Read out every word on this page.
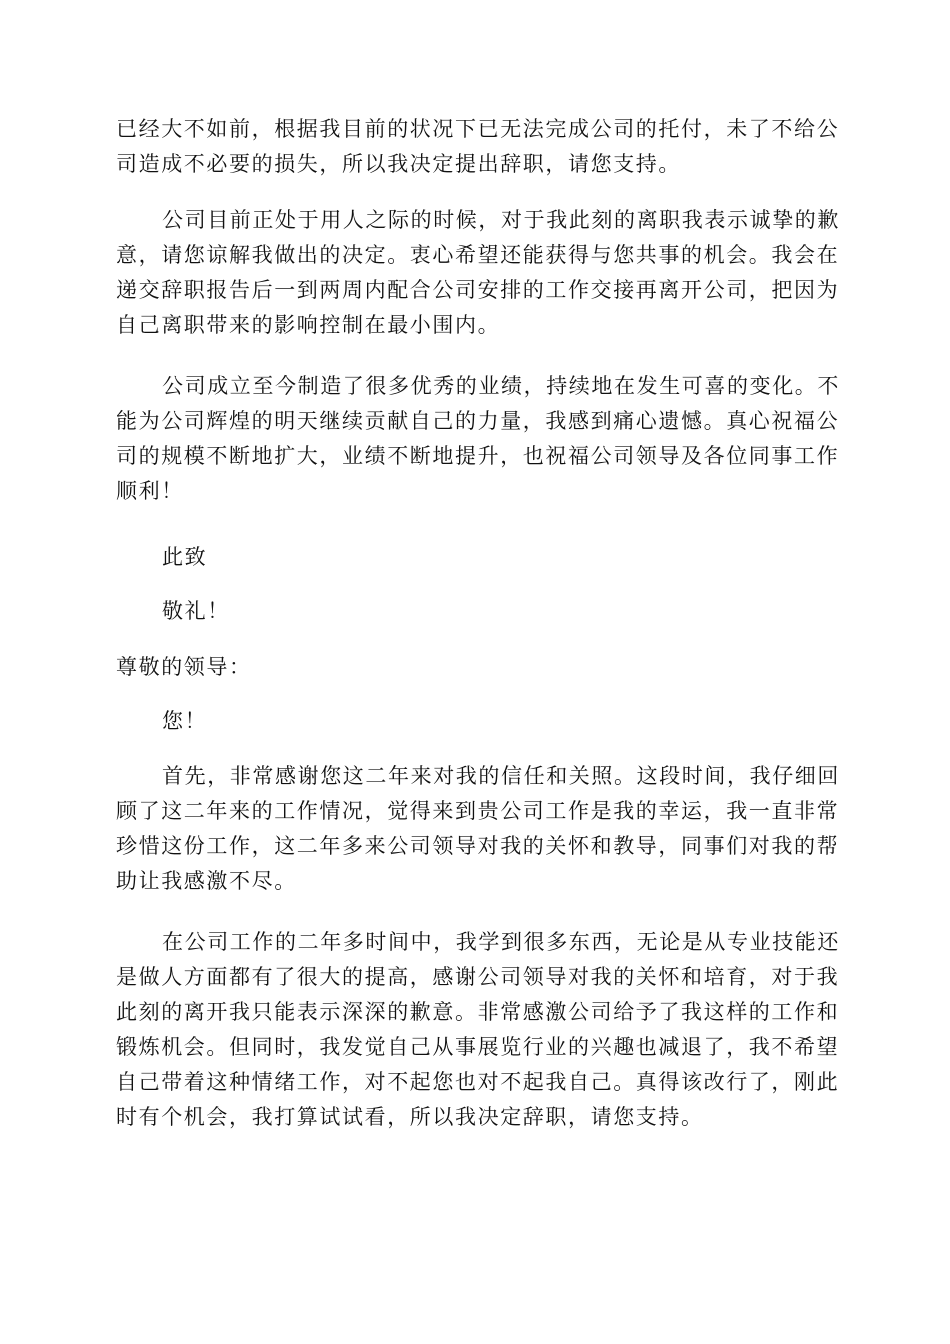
已经大不如前，根据我目前的状况下已无法完成公司的托付，未了不给公
司造成不必要的损失，所以我决定提出辞职，请您支持。
公司目前正处于用人之际的时候，对于我此刻的离职我表示诚挚的歉
意，请您谅解我做出的决定。衷心希望还能获得与您共事的机会。我会在
递交辞职报告后一到两周内配合公司安排的工作交接再离开公司，把因为
自己离职带来的影响控制在最小围内。
公司成立至今制造了很多优秀的业绩，持续地在发生可喜的变化。不
能为公司辉煌的明天继续贡献自己的力量，我感到痛心遗憾。真心祝福公
司的规模不断地扩大，业绩不断地提升，也祝福公司领导及各位同事工作
顺利！
此致
敬礼！
尊敬的领导：
您！
首先，非常感谢您这二年来对我的信任和关照。这段时间，我仔细回
顾了这二年来的工作情况，觉得来到贵公司工作是我的幸运，我一直非常
珍惜这份工作，这二年多来公司领导对我的关怀和教导，同事们对我的帮
助让我感激不尽。
在公司工作的二年多时间中，我学到很多东西，无论是从专业技能还
是做人方面都有了很大的提高，感谢公司领导对我的关怀和培育，对于我
此刻的离开我只能表示深深的歉意。非常感激公司给予了我这样的工作和
锻炼机会。但同时，我发觉自己从事展览行业的兴趣也减退了，我不希望
自己带着这种情绪工作，对不起您也对不起我自己。真得该改行了，刚此
时有个机会，我打算试试看，所以我决定辞职，请您支持。
